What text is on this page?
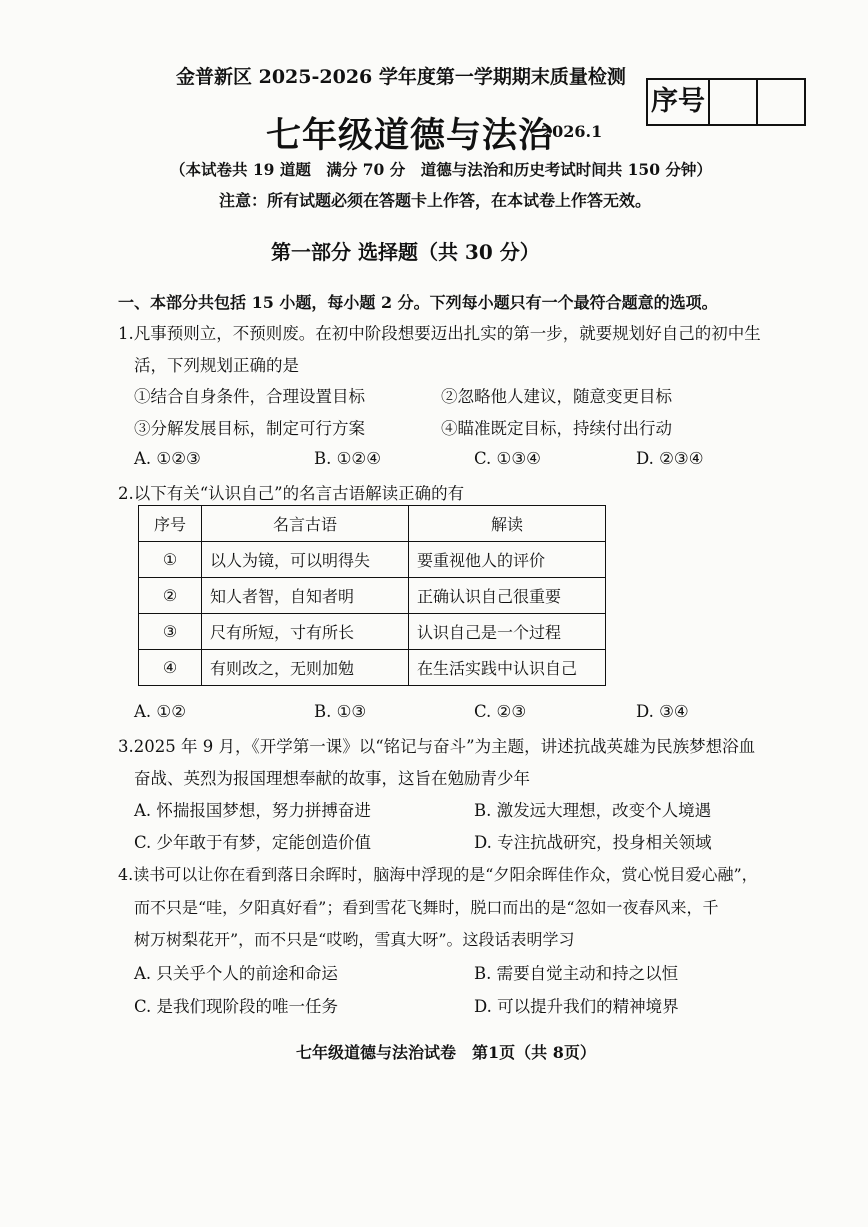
金普新区 2025-2026 学年度第一学期期末质量检测
序号
七年级道德与法治
2026.1
（本试卷共 19 道题　满分 70 分　道德与法治和历史考试时间共 150 分钟）
注意：所有试题必须在答题卡上作答，在本试卷上作答无效。
第一部分 选择题（共 30 分）
一、本部分共包括 15 小题，每小题 2 分。下列每小题只有一个最符合题意的选项。
1.凡事预则立，不预则废。在初中阶段想要迈出扎实的第一步，就要规划好自己的初中生
活，下列规划正确的是
①结合自身条件，合理设置目标	②忽略他人建议，随意变更目标
③分解发展目标，制定可行方案	④瞄准既定目标，持续付出行动
A. ①②③	B. ①②④	C. ①③④	D. ②③④
2.以下有关“认识自己”的名言古语解读正确的有
序号	名言古语	解读
①	以人为镜，可以明得失	要重视他人的评价
②	知人者智，自知者明	正确认识自己很重要
③	尺有所短，寸有所长	认识自己是一个过程
④	有则改之，无则加勉	在生活实践中认识自己
A. ①②	B. ①③	C. ②③	D. ③④
3.2025 年 9 月，《开学第一课》以“铭记与奋斗”为主题，讲述抗战英雄为民族梦想浴血
奋战、英烈为报国理想奉献的故事，这旨在勉励青少年
A. 怀揣报国梦想，努力拼搏奋进	B. 激发远大理想，改变个人境遇
C. 少年敢于有梦，定能创造价值	D. 专注抗战研究，投身相关领域
4.读书可以让你在看到落日余晖时，脑海中浮现的是“夕阳余晖佳作众，赏心悦目爱心融”，
而不只是“哇，夕阳真好看”；看到雪花飞舞时，脱口而出的是“忽如一夜春风来，千
树万树梨花开”，而不只是“哎哟，雪真大呀”。这段话表明学习
A. 只关乎个人的前途和命运	B. 需要自觉主动和持之以恒
C. 是我们现阶段的唯一任务	D. 可以提升我们的精神境界
七年级道德与法治试卷　第1页（共 8页）
